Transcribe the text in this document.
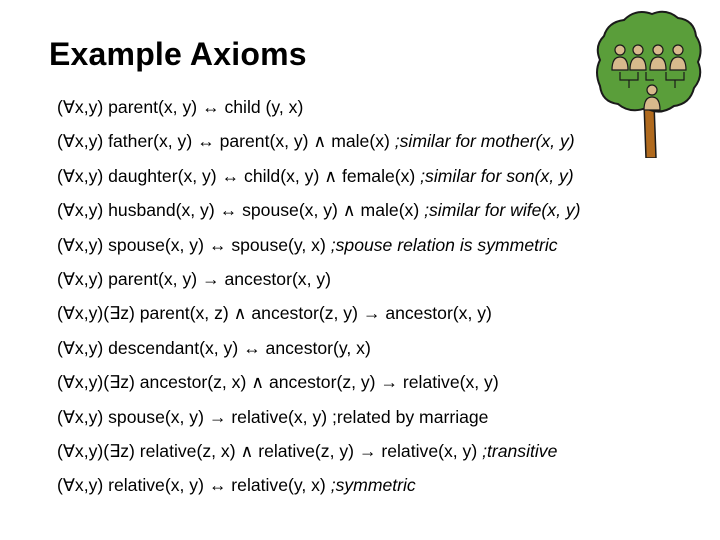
Example Axioms
(∀x,y) parent(x, y) ↔ child (y, x)
(∀x,y) father(x, y) ↔ parent(x, y) ∧ male(x) ;similar for mother(x, y)
(∀x,y) daughter(x, y) ↔ child(x, y) ∧ female(x) ;similar for son(x, y)
(∀x,y) husband(x, y) ↔ spouse(x, y) ∧ male(x) ;similar for wife(x, y)
(∀x,y) spouse(x, y) ↔ spouse(y, x) ;spouse relation is symmetric
(∀x,y) parent(x, y) → ancestor(x, y)
(∀x,y)(∃z) parent(x, z) ∧ ancestor(z, y) → ancestor(x, y)
(∀x,y) descendant(x, y) ↔ ancestor(y, x)
(∀x,y)(∃z) ancestor(z, x) ∧ ancestor(z, y) → relative(x, y)
(∀x,y) spouse(x, y) → relative(x, y) ;related by marriage
(∀x,y)(∃z) relative(z, x) ∧ relative(z, y) → relative(x, y) ;transitive
(∀x,y) relative(x, y) ↔ relative(y, x) ;symmetric
